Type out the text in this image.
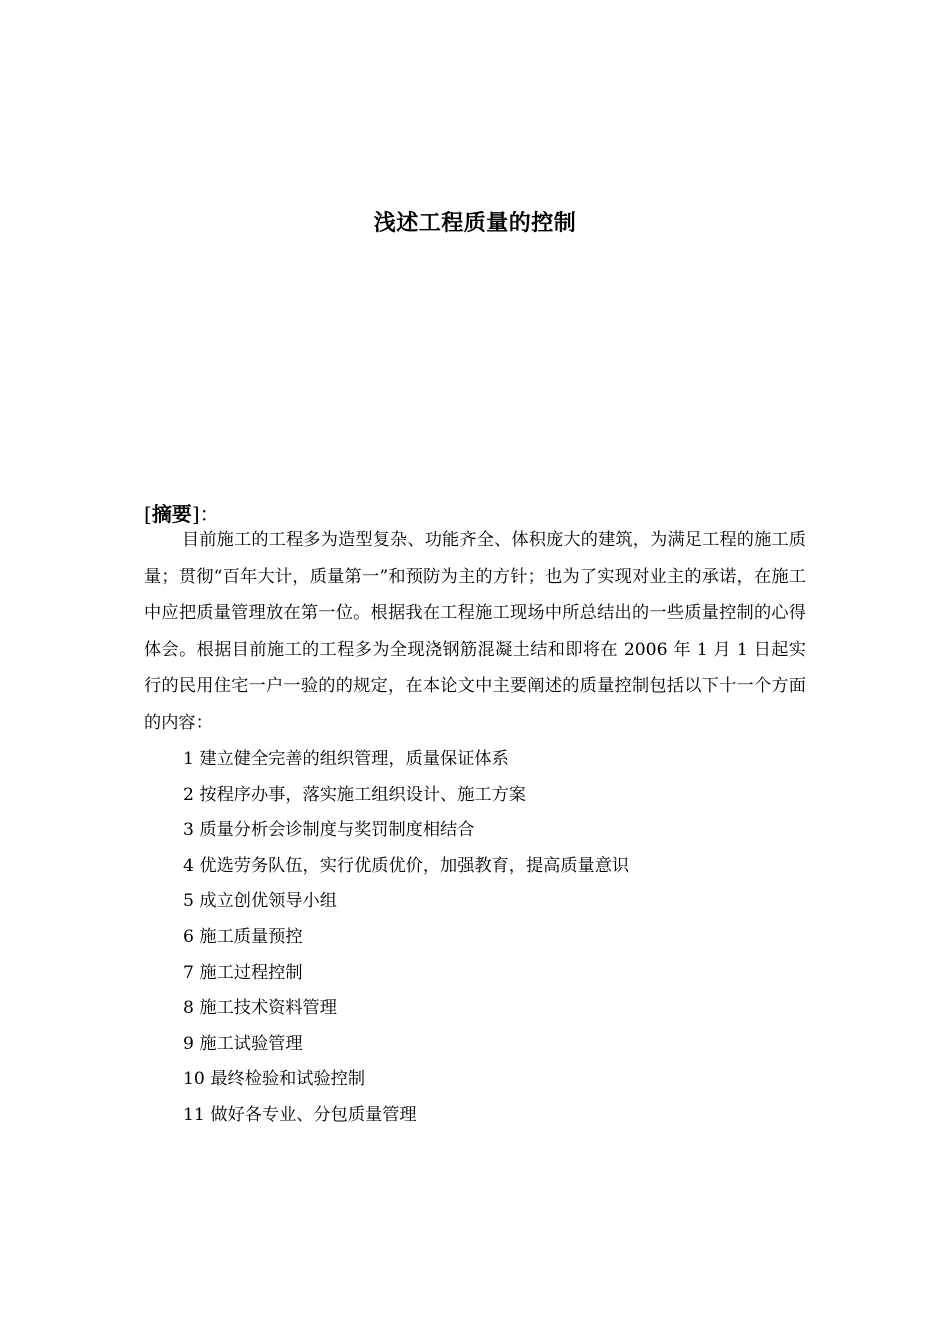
浅述工程质量的控制
[摘要]：

目前施工的工程多为造型复杂、功能齐全、体积庞大的建筑，为满足工程的施工质量；贯彻“百年大计，质量第一”和预防为主的方针；也为了实现对业主的承诺，在施工中应把质量管理放在第一位。根据我在工程施工现场中所总结出的一些质量控制的心得体会。根据目前施工的工程多为全现浇钢筋混凝土结和即将在 2006 年 1 月 1 日起实行的民用住宅一户一验的的规定，在本论文中主要阐述的质量控制包括以下十一个方面的内容：

1 建立健全完善的组织管理，质量保证体系
2 按程序办事，落实施工组织设计、施工方案
3 质量分析会诊制度与奖罚制度相结合
4 优选劳务队伍，实行优质优价，加强教育，提高质量意识
5 成立创优领导小组
6 施工质量预控
7 施工过程控制
8 施工技术资料管理
9 施工试验管理
10 最终检验和试验控制
11 做好各专业、分包质量管理
